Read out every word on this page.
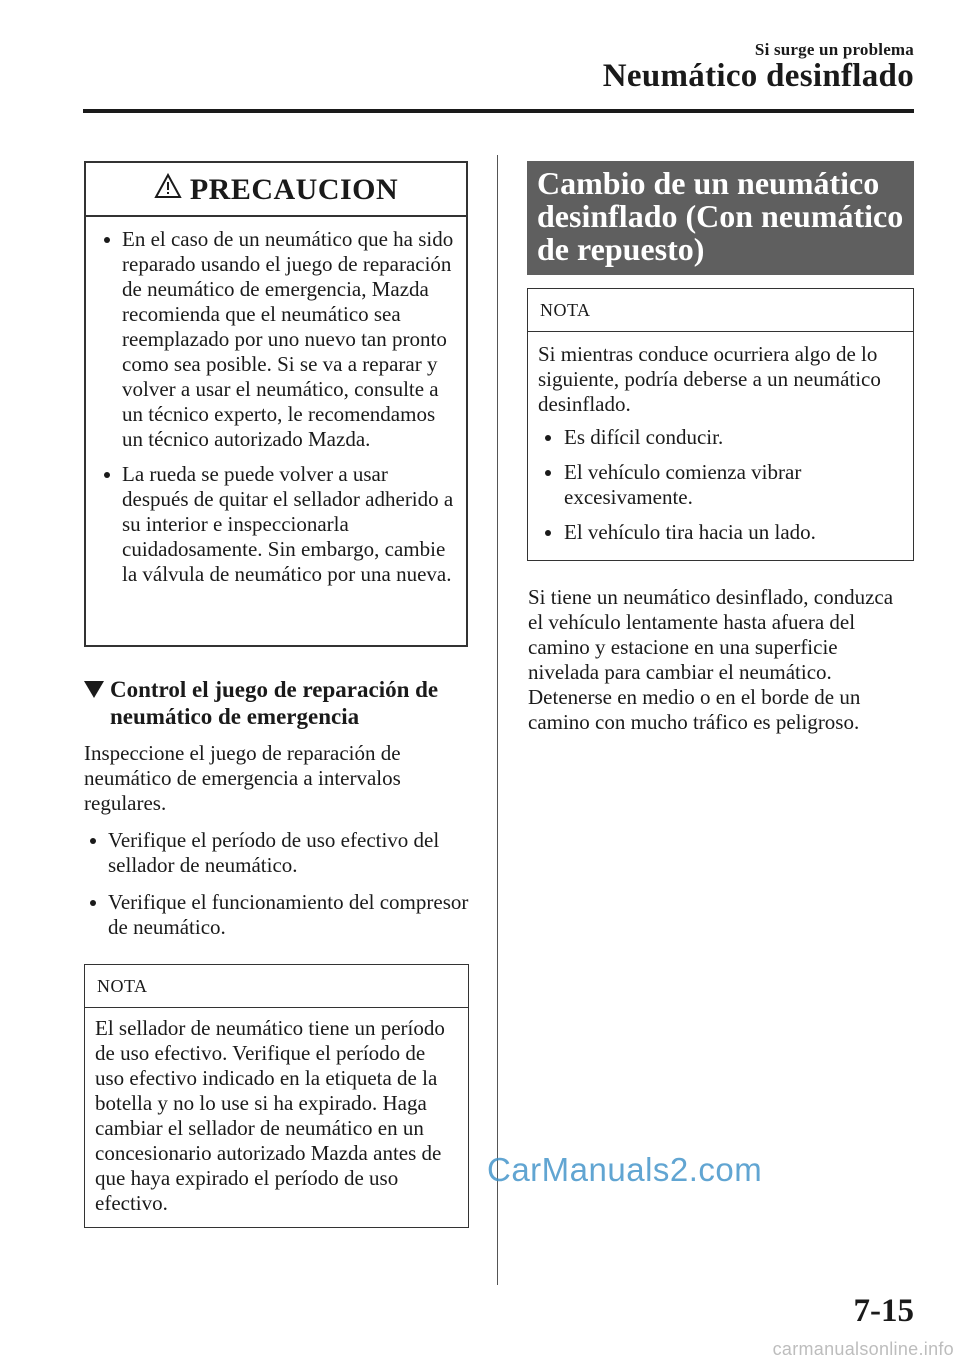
Si surge un problema
Neumático desinflado
PRECAUCION
En el caso de un neumático que ha sido reparado usando el juego de reparación de neumático de emergencia, Mazda recomienda que el neumático sea reemplazado por uno nuevo tan pronto como sea posible. Si se va a reparar y volver a usar el neumático, consulte a un técnico experto, le recomendamos un técnico autorizado Mazda.
La rueda se puede volver a usar después de quitar el sellador adherido a su interior e inspeccionarla cuidadosamente. Sin embargo, cambie la válvula de neumático por una nueva.
Control el juego de reparación de neumático de emergencia
Inspeccione el juego de reparación de neumático de emergencia a intervalos regulares.
Verifique el período de uso efectivo del sellador de neumático.
Verifique el funcionamiento del compresor de neumático.
NOTA
El sellador de neumático tiene un período de uso efectivo. Verifique el período de uso efectivo indicado en la etiqueta de la botella y no lo use si ha expirado. Haga cambiar el sellador de neumático en un concesionario autorizado Mazda antes de que haya expirado el período de uso efectivo.
Cambio de un neumático desinflado (Con neumático de repuesto)
NOTA
Si mientras conduce ocurriera algo de lo siguiente, podría deberse a un neumático desinflado.
Es difícil conducir.
El vehículo comienza vibrar excesivamente.
El vehículo tira hacia un lado.
Si tiene un neumático desinflado, conduzca el vehículo lentamente hasta afuera del camino y estacione en una superficie nivelada para cambiar el neumático.
Detenerse en medio o en el borde de un camino con mucho tráfico es peligroso.
CarManuals2.com
7-15
carmanualsonline.info
